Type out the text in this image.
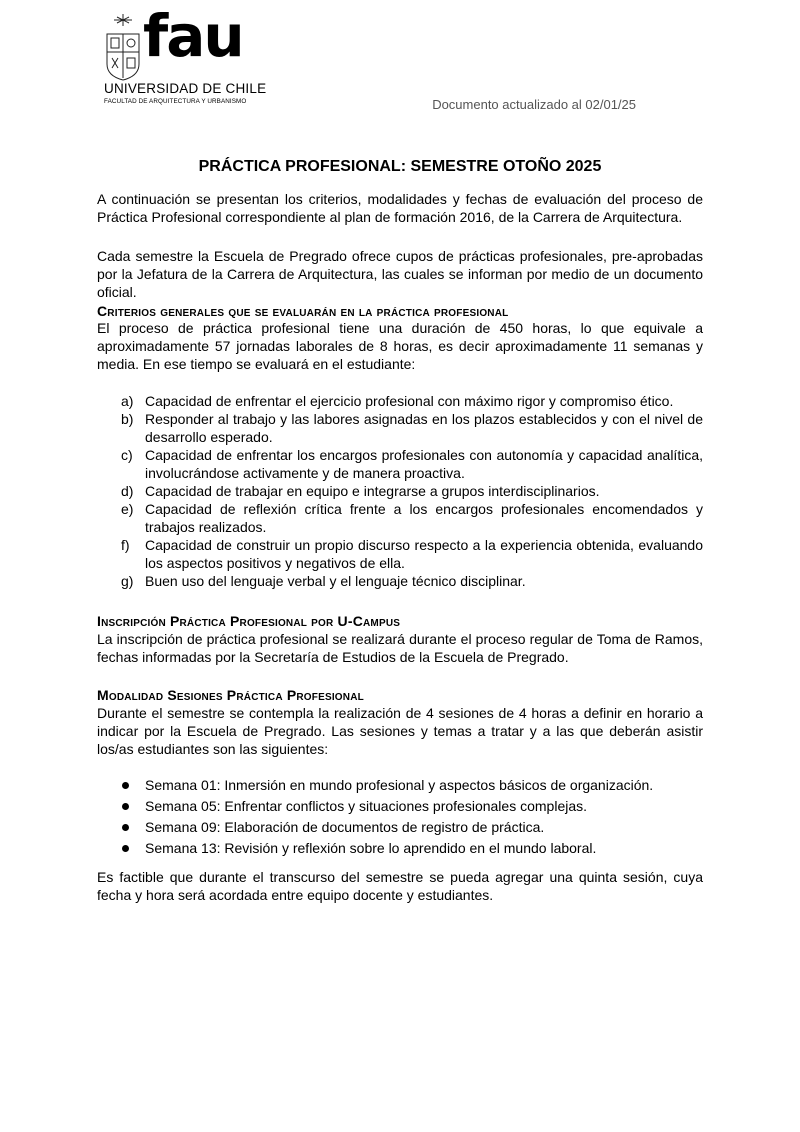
fau
UNIVERSIDAD DE CHILE
FACULTAD DE ARQUITECTURA Y URBANISMO	Documento actualizado al 02/01/25
PRÁCTICA PROFESIONAL: SEMESTRE OTOÑO 2025
A continuación se presentan los criterios, modalidades y fechas de evaluación del proceso de Práctica Profesional correspondiente al plan de formación 2016, de la Carrera de Arquitectura.
Cada semestre la Escuela de Pregrado ofrece cupos de prácticas profesionales, pre-aprobadas por la Jefatura de la Carrera de Arquitectura, las cuales se informan por medio de un documento oficial.
Criterios generales que se evaluarán en la práctica profesional
El proceso de práctica profesional tiene una duración de 450 horas, lo que equivale a aproximadamente 57 jornadas laborales de 8 horas, es decir aproximadamente 11 semanas y media. En ese tiempo se evaluará en el estudiante:
a) Capacidad de enfrentar el ejercicio profesional con máximo rigor y compromiso ético.
b) Responder al trabajo y las labores asignadas en los plazos establecidos y con el nivel de desarrollo esperado.
c) Capacidad de enfrentar los encargos profesionales con autonomía y capacidad analítica, involucrándose activamente y de manera proactiva.
d) Capacidad de trabajar en equipo e integrarse a grupos interdisciplinarios.
e) Capacidad de reflexión crítica frente a los encargos profesionales encomendados y trabajos realizados.
f) Capacidad de construir un propio discurso respecto a la experiencia obtenida, evaluando los aspectos positivos y negativos de ella.
g) Buen uso del lenguaje verbal y el lenguaje técnico disciplinar.
Inscripción Práctica Profesional por U-Campus
La inscripción de práctica profesional se realizará durante el proceso regular de Toma de Ramos, fechas informadas por la Secretaría de Estudios de la Escuela de Pregrado.
Modalidad Sesiones Práctica Profesional
Durante el semestre se contempla la realización de 4 sesiones de 4 horas a definir en horario a indicar por la Escuela de Pregrado. Las sesiones y temas a tratar y a las que deberán asistir los/as estudiantes son las siguientes:
Semana 01: Inmersión en mundo profesional y aspectos básicos de organización.
Semana 05: Enfrentar conflictos y situaciones profesionales complejas.
Semana 09: Elaboración de documentos de registro de práctica.
Semana 13: Revisión y reflexión sobre lo aprendido en el mundo laboral.
Es factible que durante el transcurso del semestre se pueda agregar una quinta sesión, cuya fecha y hora será acordada entre equipo docente y estudiantes.
